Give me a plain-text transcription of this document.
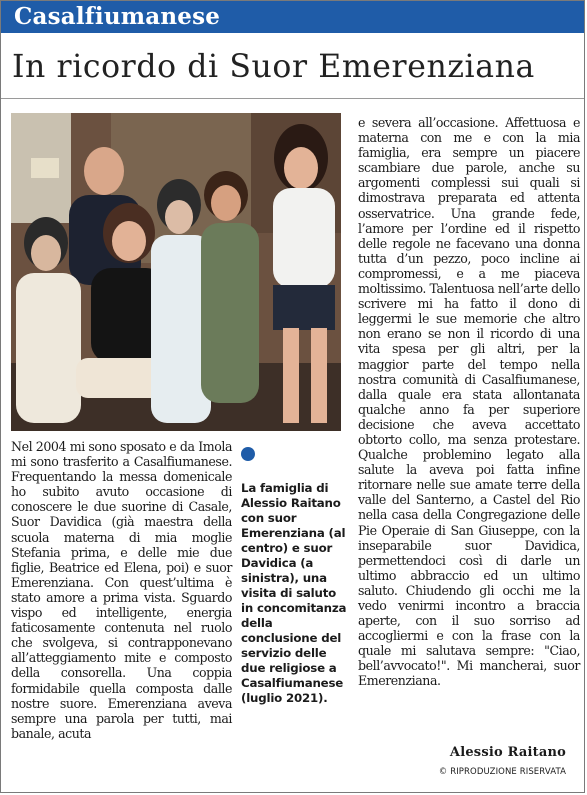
Casalfiumanese
In ricordo di Suor Emerenziana

Nel 2004 mi sono sposato e da Imola mi sono trasferito a Casalfiumanese. Frequentando la messa domenicale ho subito avuto occasione di conoscere le due suorine di Casale, Suor Davidica (già maestra della scuola materna di mia moglie Stefania prima, e delle mie due figlie, Beatrice ed Elena, poi) e suor Emerenziana. Con quest’ultima è stato amore a prima vista. Sguardo vispo ed intelligente, energia faticosamente contenuta nel ruolo che svolgeva, si contrapponevano all’atteggiamento mite e composto della consorella. Una coppia formidabile quella composta dalle nostre suore. Emerenziana aveva sempre una parola per tutti, mai banale, acuta

La famiglia di Alessio Raitano con suor Emerenziana (al centro) e suor Davidica (a sinistra), una visita di saluto in concomitanza della conclusione del servizio delle due religiose a Casalfiumanese (luglio 2021).

e severa all’occasione. Affettuosa e materna con me e con la mia famiglia, era sempre un piacere scambiare due parole, anche su argomenti complessi sui quali si dimostrava preparata ed attenta osservatrice. Una grande fede, l’amore per l’ordine ed il rispetto delle regole ne facevano una donna tutta d’un pezzo, poco incline ai compromessi, e a me piaceva moltissimo. Talentuosa nell’arte dello scrivere mi ha fatto il dono di leggermi le sue memorie che altro non erano se non il ricordo di una vita spesa per gli altri, per la maggior parte del tempo nella nostra comunità di Casalfiumanese, dalla quale era stata allontanata qualche anno fa per superiore decisione che aveva accettato obtorto collo, ma senza protestare. Qualche problemino legato alla salute la aveva poi fatta infine ritornare nelle sue amate terre della valle del Santerno, a Castel del Rio nella casa della Congregazione delle Pie Operaie di San Giuseppe, con la inseparabile suor Davidica, permettendoci così di darle un ultimo abbraccio ed un ultimo saluto. Chiudendo gli occhi me la vedo venirmi incontro a braccia aperte, con il suo sorriso ad accogliermi e con la frase con la quale mi salutava sempre: "Ciao, bell’avvocato!". Mi mancherai, suor Emerenziana.

Alessio Raitano
© RIPRODUZIONE RISERVATA
